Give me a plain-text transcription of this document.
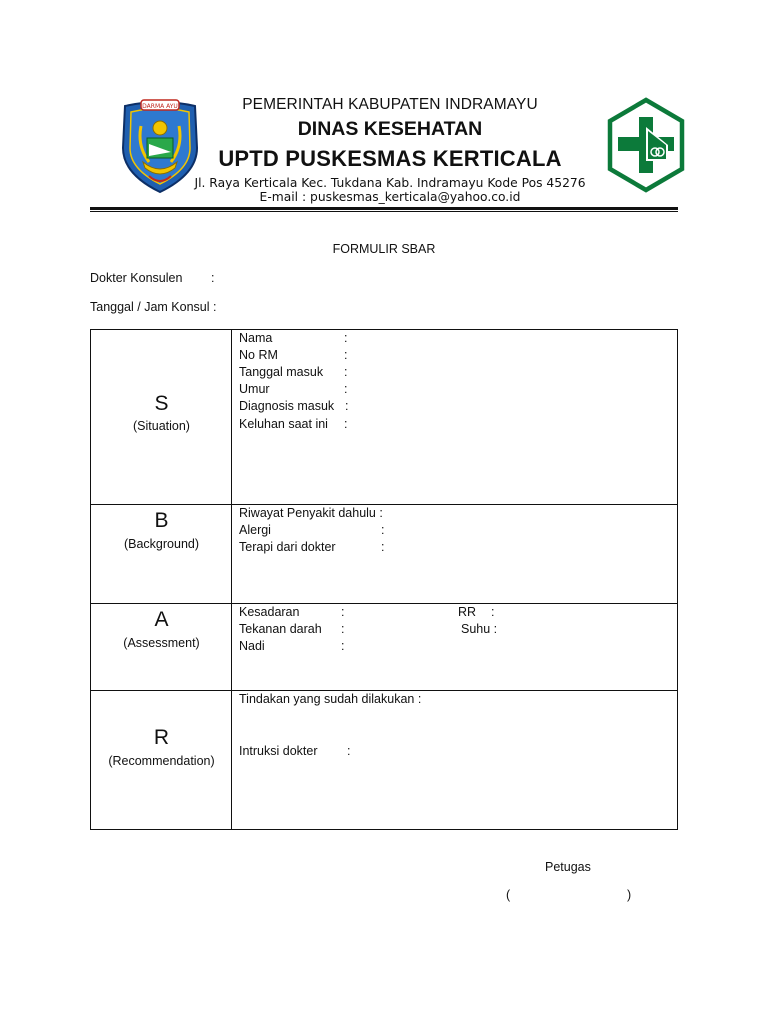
DARMA AYU	PEMERINTAH KABUPATEN INDRAMAYU
DINAS KESEHATAN
UPTD PUSKESMAS KERTICALA
Jl. Raya Kerticala Kec. Tukdana Kab. Indramayu Kode Pos 45276
E-mail : puskesmas_kerticala@yahoo.co.id
FORMULIR SBAR
Dokter Konsulen :
Tanggal / Jam Konsul :
S
(Situation)
Nama
No RM
Tanggal masuk
Umur
Diagnosis masuk
Keluhan saat ini
:
:
:
:
:
:
B
(Background)
Riwayat Penyakit dahulu :
Alergi
Terapi dari dokter
:
:
A
(Assessment)
Kesadaran
Tekanan darah
Nadi
:
:
:
RR :
Suhu :
R
(Recommendation)
Tindakan yang sudah dilakukan :
Intruksi dokter :
Petugas
(	)
